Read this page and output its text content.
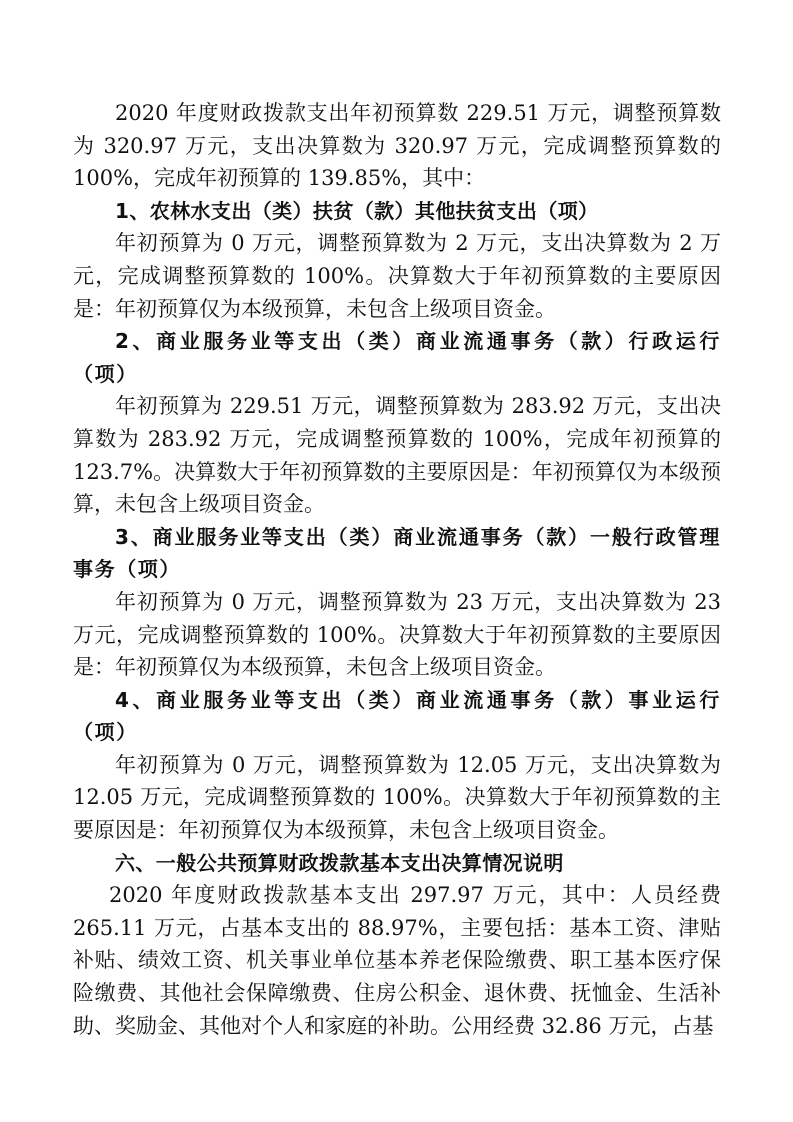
2020 年度财政拨款支出年初预算数 229.51 万元，调整预算数为 320.97 万元，支出决算数为 320.97 万元，完成调整预算数的 100%，完成年初预算的 139.85%，其中：

1、农林水支出（类）扶贫（款）其他扶贫支出（项）

年初预算为 0 万元，调整预算数为 2 万元，支出决算数为 2 万元，完成调整预算数的 100%。决算数大于年初预算数的主要原因是：年初预算仅为本级预算，未包含上级项目资金。

2、商业服务业等支出（类）商业流通事务（款）行政运行（项）

年初预算为 229.51 万元，调整预算数为 283.92 万元，支出决算数为 283.92 万元，完成调整预算数的 100%，完成年初预算的 123.7%。决算数大于年初预算数的主要原因是：年初预算仅为本级预算，未包含上级项目资金。

3、商业服务业等支出（类）商业流通事务（款）一般行政管理事务（项）

年初预算为 0 万元，调整预算数为 23 万元，支出决算数为 23 万元，完成调整预算数的 100%。决算数大于年初预算数的主要原因是：年初预算仅为本级预算，未包含上级项目资金。

4、商业服务业等支出（类）商业流通事务（款）事业运行（项）

年初预算为 0 万元，调整预算数为 12.05 万元，支出决算数为 12.05 万元，完成调整预算数的 100%。决算数大于年初预算数的主要原因是：年初预算仅为本级预算，未包含上级项目资金。

六、一般公共预算财政拨款基本支出决算情况说明

2020 年度财政拨款基本支出 297.97 万元，其中：人员经费 265.11 万元，占基本支出的 88.97%，主要包括：基本工资、津贴补贴、绩效工资、机关事业单位基本养老保险缴费、职工基本医疗保险缴费、其他社会保障缴费、住房公积金、退休费、抚恤金、生活补助、奖励金、其他对个人和家庭的补助。公用经费 32.86 万元，占基
